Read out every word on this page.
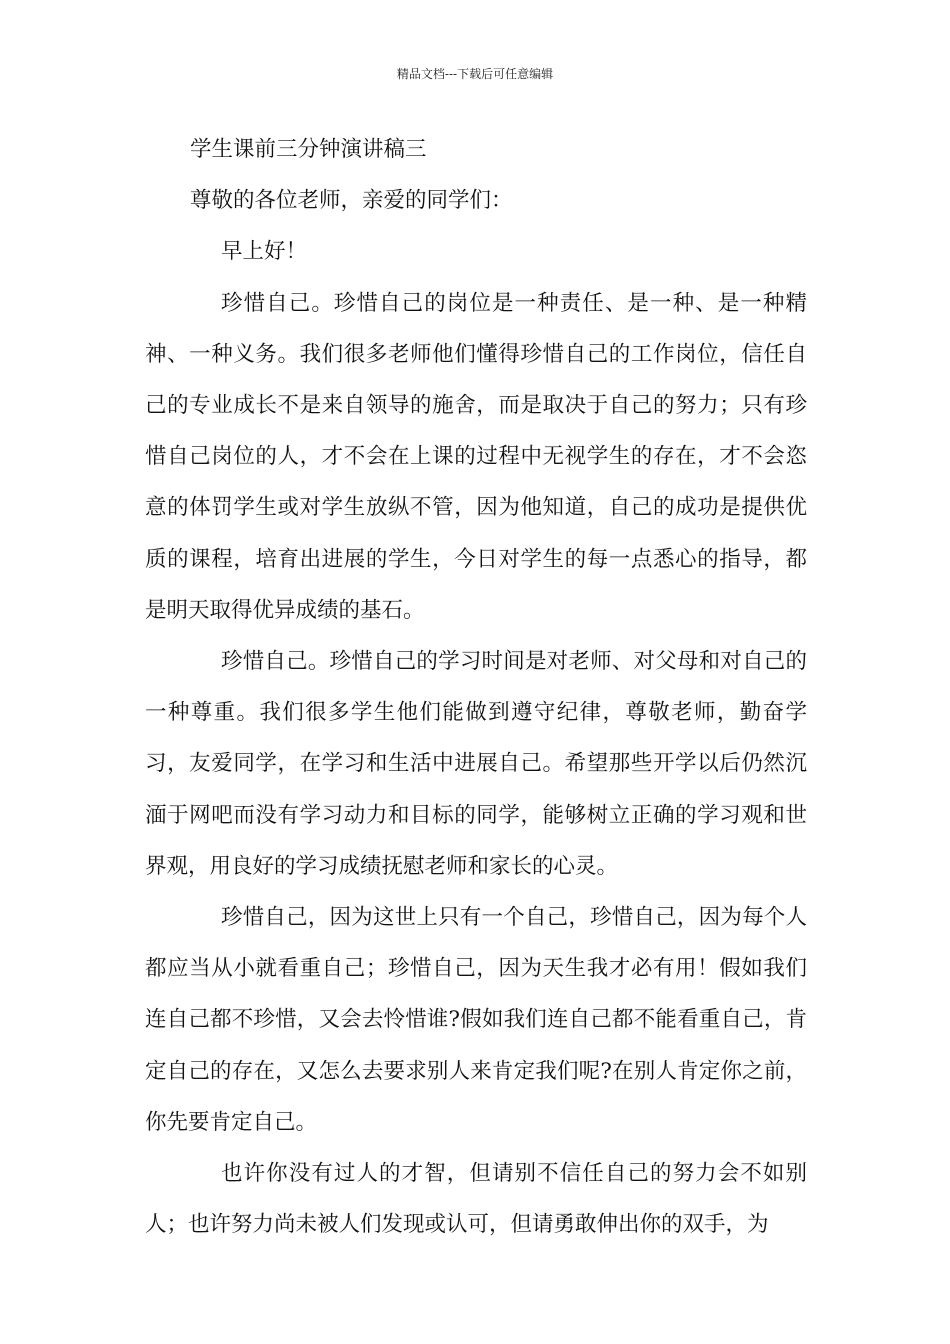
精品文档---下载后可任意编辑

学生课前三分钟演讲稿三

尊敬的各位老师，亲爱的同学们：

早上好！

珍惜自己。珍惜自己的岗位是一种责任、是一种、是一种精神、一种义务。我们很多老师他们懂得珍惜自己的工作岗位，信任自己的专业成长不是来自领导的施舍，而是取决于自己的努力；只有珍惜自己岗位的人，才不会在上课的过程中无视学生的存在，才不会恣意的体罚学生或对学生放纵不管，因为他知道，自己的成功是提供优质的课程，培育出进展的学生，今日对学生的每一点悉心的指导，都是明天取得优异成绩的基石。

珍惜自己。珍惜自己的学习时间是对老师、对父母和对自己的一种尊重。我们很多学生他们能做到遵守纪律，尊敬老师，勤奋学习，友爱同学，在学习和生活中进展自己。希望那些开学以后仍然沉湎于网吧而没有学习动力和目标的同学，能够树立正确的学习观和世界观，用良好的学习成绩抚慰老师和家长的心灵。

珍惜自己，因为这世上只有一个自己，珍惜自己，因为每个人都应当从小就看重自己；珍惜自己，因为天生我才必有用！假如我们连自己都不珍惜，又会去怜惜谁?假如我们连自己都不能看重自己，肯定自己的存在，又怎么去要求别人来肯定我们呢?在别人肯定你之前，你先要肯定自己。

也许你没有过人的才智，但请别不信任自己的努力会不如别人；也许努力尚未被人们发现或认可，但请勇敢伸出你的双手，为
